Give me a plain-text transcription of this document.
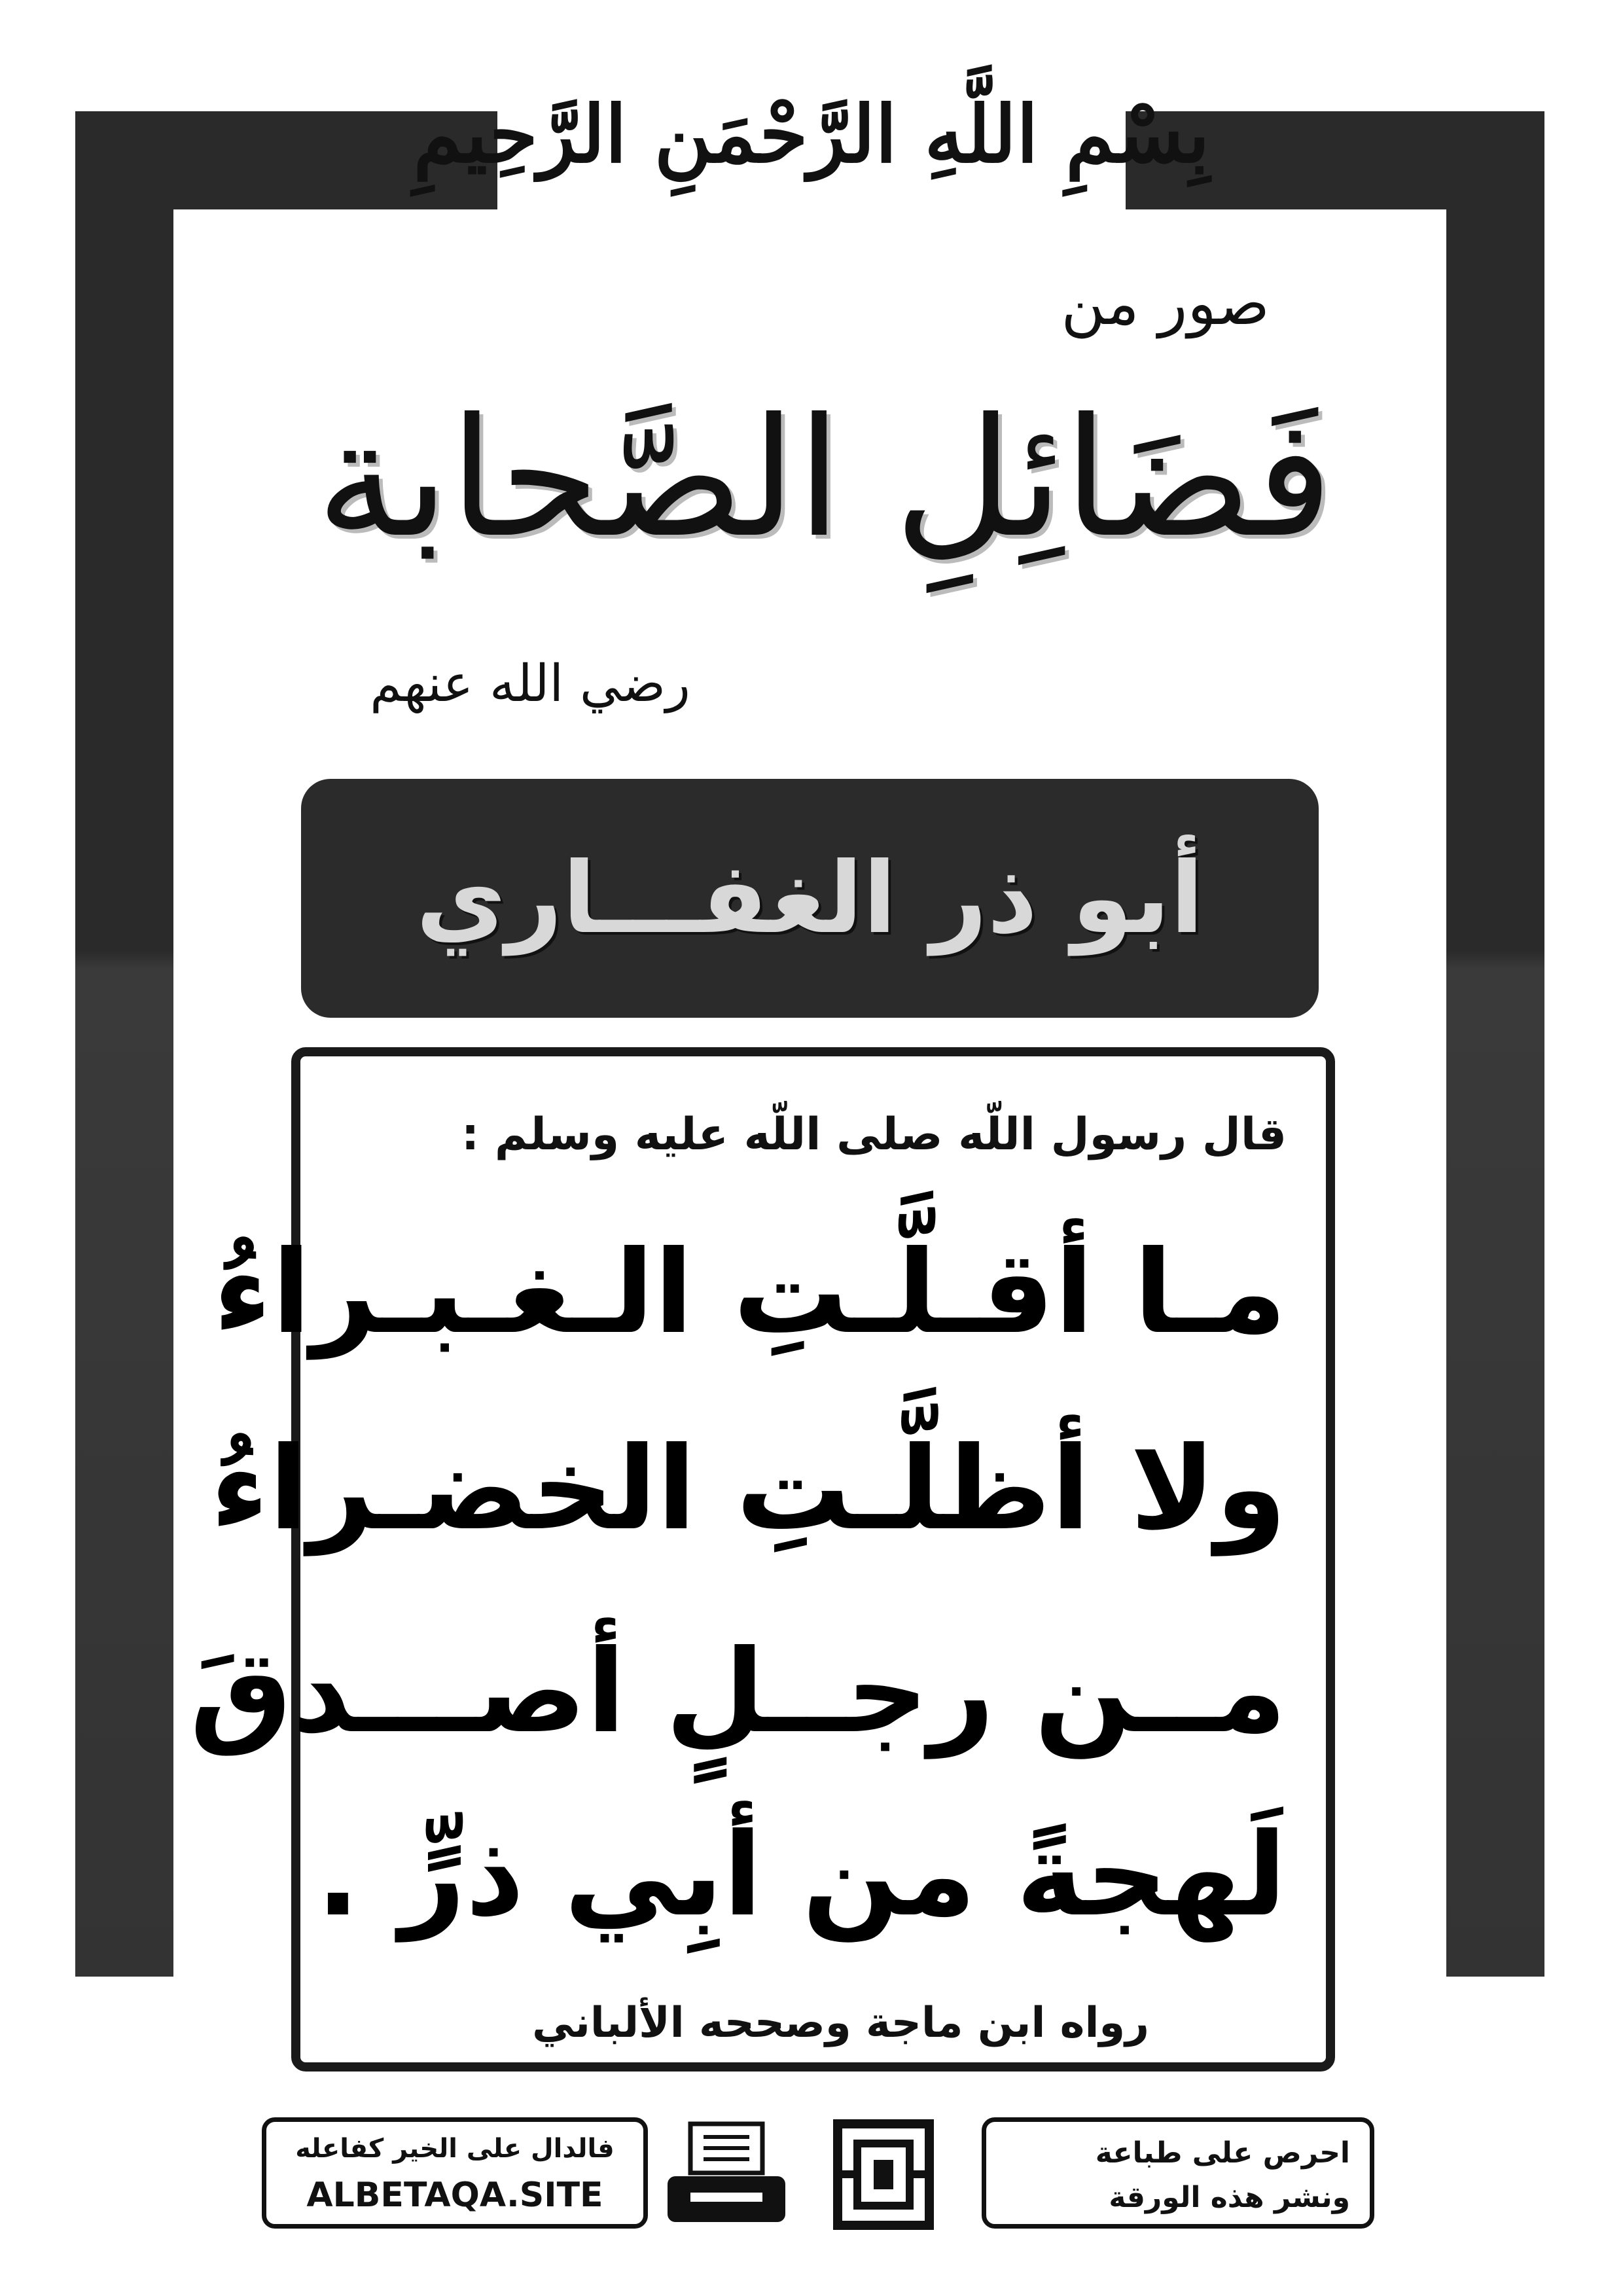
بِسْمِ اللَّهِ الرَّحْمَنِ الرَّحِيمِ
صور من
فَضَائِلِ الصَّحابة
رضي الله عنهم
أبو ذر الغفـــاري
قال رسول اللّه صلى اللّه عليه وسلم :
مـا أقـلَّـتِ الـغـبـراءُ
ولا أظلَّـتِ الخضـراءُ
مــن رجــلٍ أصـــدقَ
لَهجةً من أبِي ذرٍّ .
رواه ابن ماجة وصححه الألباني
فالدال على الخير كفاعله
ALBETAQA.SITE
احرص على طباعة
ونشر هذه الورقة
